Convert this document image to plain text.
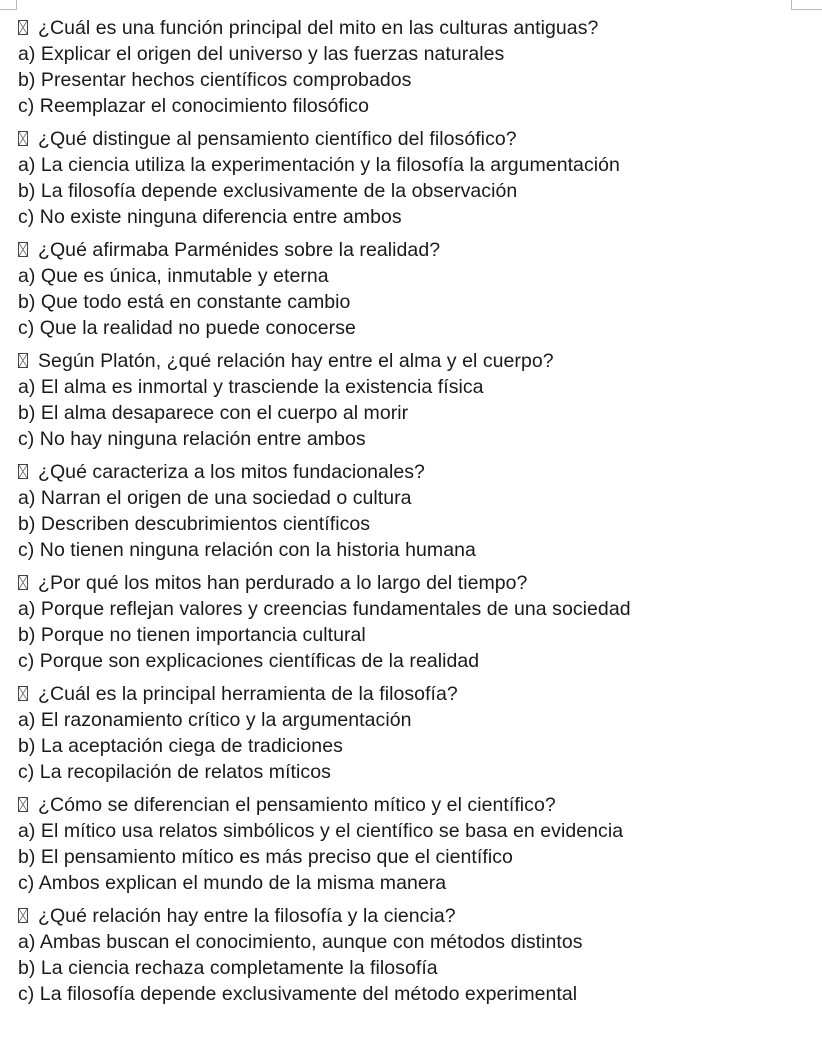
¿Cuál es una función principal del mito en las culturas antiguas?
a) Explicar el origen del universo y las fuerzas naturales
b) Presentar hechos científicos comprobados
c) Reemplazar el conocimiento filosófico
¿Qué distingue al pensamiento científico del filosófico?
a) La ciencia utiliza la experimentación y la filosofía la argumentación
b) La filosofía depende exclusivamente de la observación
c) No existe ninguna diferencia entre ambos
¿Qué afirmaba Parménides sobre la realidad?
a) Que es única, inmutable y eterna
b) Que todo está en constante cambio
c) Que la realidad no puede conocerse
Según Platón, ¿qué relación hay entre el alma y el cuerpo?
a) El alma es inmortal y trasciende la existencia física
b) El alma desaparece con el cuerpo al morir
c) No hay ninguna relación entre ambos
¿Qué caracteriza a los mitos fundacionales?
a) Narran el origen de una sociedad o cultura
b) Describen descubrimientos científicos
c) No tienen ninguna relación con la historia humana
¿Por qué los mitos han perdurado a lo largo del tiempo?
a) Porque reflejan valores y creencias fundamentales de una sociedad
b) Porque no tienen importancia cultural
c) Porque son explicaciones científicas de la realidad
¿Cuál es la principal herramienta de la filosofía?
a) El razonamiento crítico y la argumentación
b) La aceptación ciega de tradiciones
c) La recopilación de relatos míticos
¿Cómo se diferencian el pensamiento mítico y el científico?
a) El mítico usa relatos simbólicos y el científico se basa en evidencia
b) El pensamiento mítico es más preciso que el científico
c) Ambos explican el mundo de la misma manera
¿Qué relación hay entre la filosofía y la ciencia?
a) Ambas buscan el conocimiento, aunque con métodos distintos
b) La ciencia rechaza completamente la filosofía
c) La filosofía depende exclusivamente del método experimental
